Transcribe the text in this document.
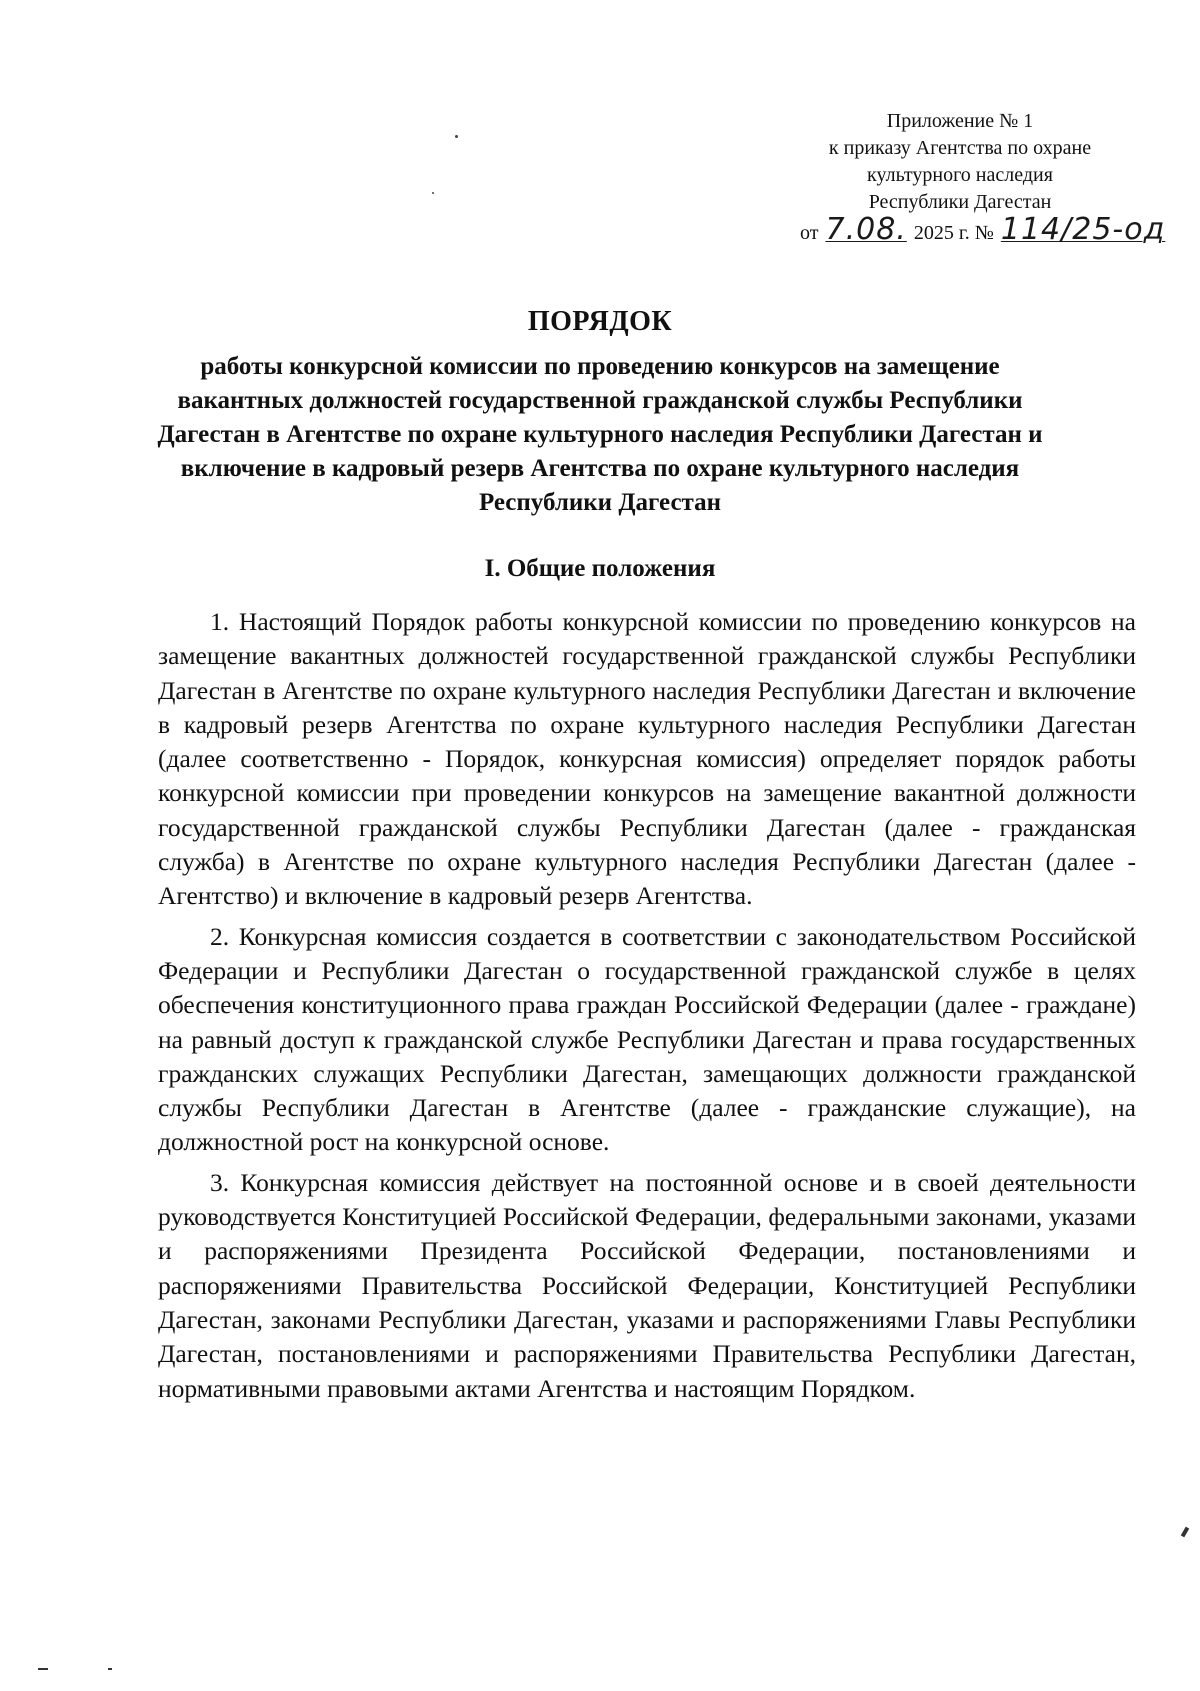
Приложение № 1
к приказу Агентства по охране
культурного наследия
Республики Дагестан
от 7.08. 2025 г. № 114/25-од
ПОРЯДОК
работы конкурсной комиссии по проведению конкурсов на замещение вакантных должностей государственной гражданской службы Республики Дагестан в Агентстве по охране культурного наследия Республики Дагестан и включение в кадровый резерв Агентства по охране культурного наследия Республики Дагестан
I. Общие положения

1. Настоящий Порядок работы конкурсной комиссии по проведению конкурсов на замещение вакантных должностей государственной гражданской службы Республики Дагестан в Агентстве по охране культурного наследия Республики Дагестан и включение в кадровый резерв Агентства по охране культурного наследия Республики Дагестан (далее соответственно - Порядок, конкурсная комиссия) определяет порядок работы конкурсной комиссии при проведении конкурсов на замещение вакантной должности государственной гражданской службы Республики Дагестан (далее - гражданская служба) в Агентстве по охране культурного наследия Республики Дагестан (далее - Агентство) и включение в кадровый резерв Агентства.

2. Конкурсная комиссия создается в соответствии с законодательством Российской Федерации и Республики Дагестан о государственной гражданской службе в целях обеспечения конституционного права граждан Российской Федерации (далее - граждане) на равный доступ к гражданской службе Республики Дагестан и права государственных гражданских служащих Республики Дагестан, замещающих должности гражданской службы Республики Дагестан в Агентстве (далее - гражданские служащие), на должностной рост на конкурсной основе.

3. Конкурсная комиссия действует на постоянной основе и в своей деятельности руководствуется Конституцией Российской Федерации, федеральными законами, указами и распоряжениями Президента Российской Федерации, постановлениями и распоряжениями Правительства Российской Федерации, Конституцией Республики Дагестан, законами Республики Дагестан, указами и распоряжениями Главы Республики Дагестан, постановлениями и распоряжениями Правительства Республики Дагестан, нормативными правовыми актами Агентства и настоящим Порядком.
